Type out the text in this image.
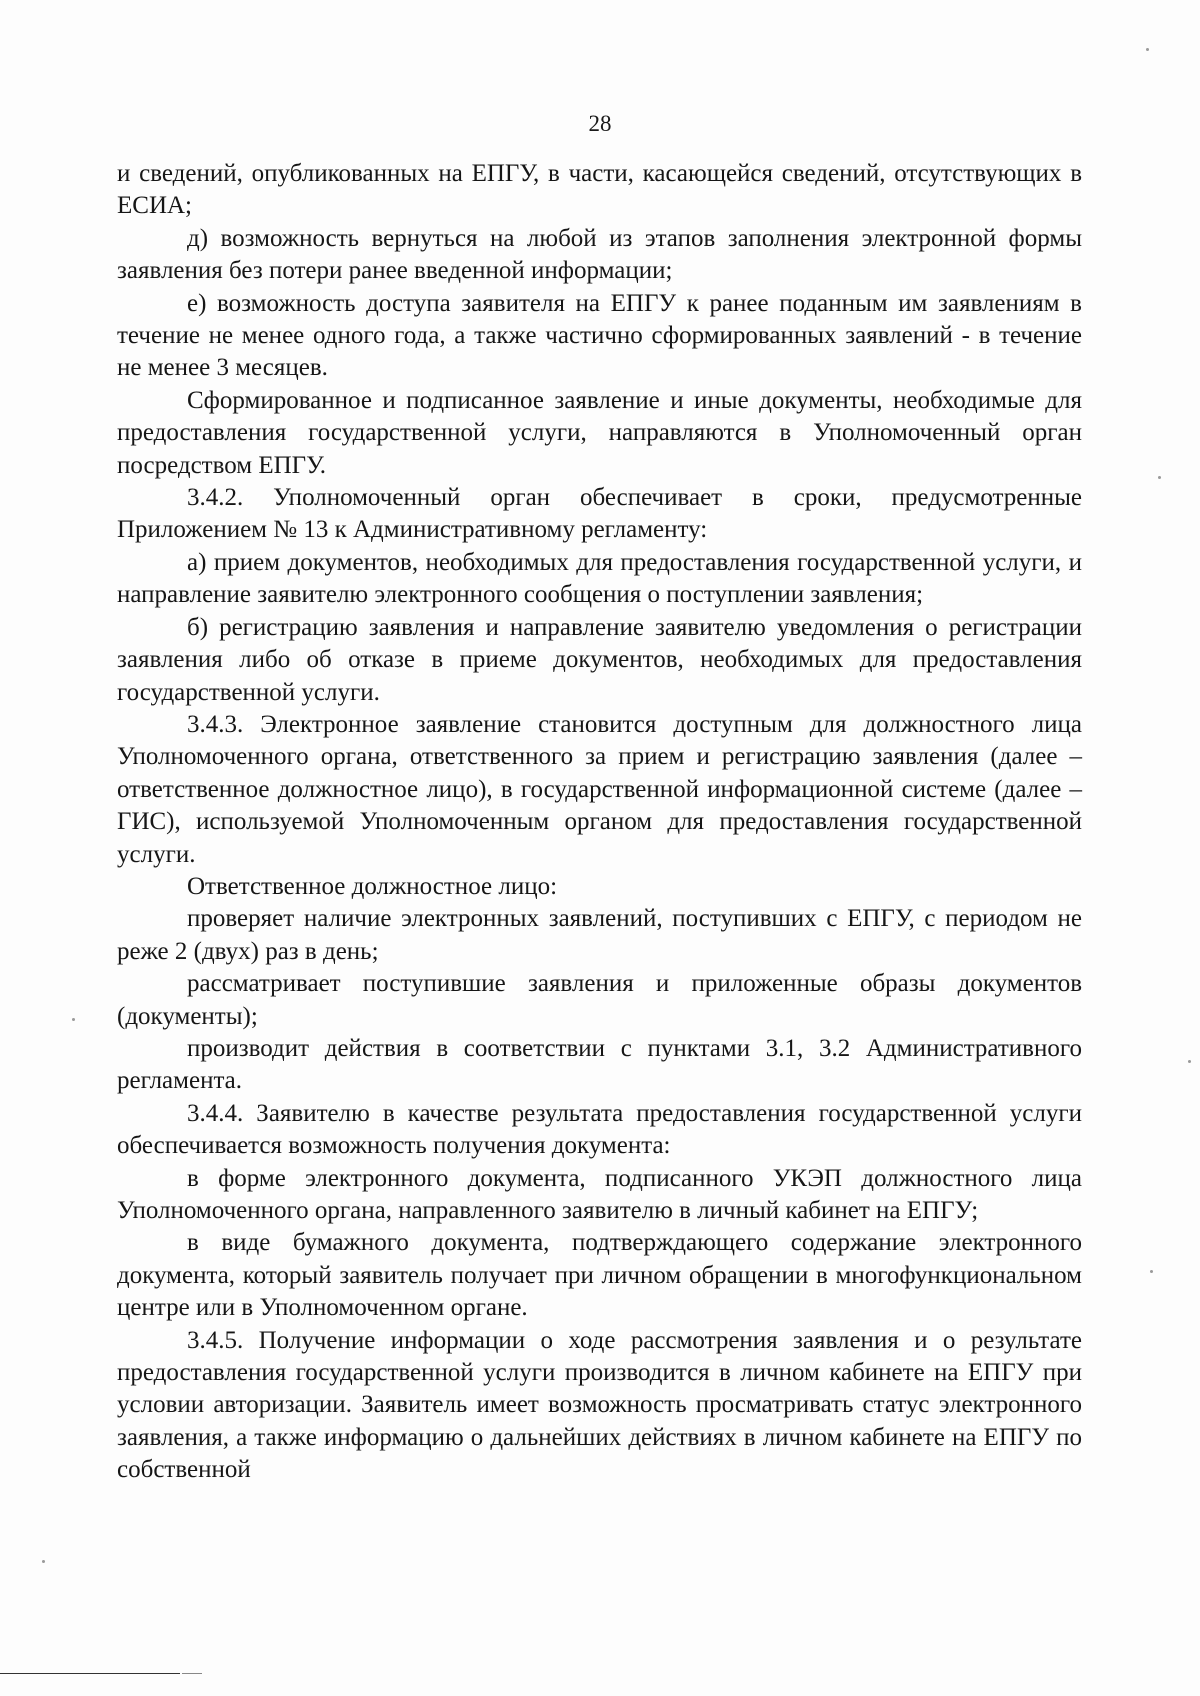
28

и сведений, опубликованных на ЕПГУ, в части, касающейся сведений, отсутствующих в ЕСИА;

д) возможность вернуться на любой из этапов заполнения электронной формы заявления без потери ранее введенной информации;

е) возможность доступа заявителя на ЕПГУ к ранее поданным им заявлениям в течение не менее одного года, а также частично сформированных заявлений - в течение не менее 3 месяцев.

Сформированное и подписанное заявление и иные документы, необходимые для предоставления государственной услуги, направляются в Уполномоченный орган посредством ЕПГУ.

3.4.2. Уполномоченный орган обеспечивает в сроки, предусмотренные Приложением № 13 к Административному регламенту:

а) прием документов, необходимых для предоставления государственной услуги, и направление заявителю электронного сообщения о поступлении заявления;

б) регистрацию заявления и направление заявителю уведомления о регистрации заявления либо об отказе в приеме документов, необходимых для предоставления государственной услуги.

3.4.3. Электронное заявление становится доступным для должностного лица Уполномоченного органа, ответственного за прием и регистрацию заявления (далее – ответственное должностное лицо), в государственной информационной системе (далее – ГИС), используемой Уполномоченным органом для предоставления государственной услуги.

Ответственное должностное лицо:

проверяет наличие электронных заявлений, поступивших с ЕПГУ, с периодом не реже 2 (двух) раз в день;

рассматривает поступившие заявления и приложенные образы документов (документы);

производит действия в соответствии с пунктами 3.1, 3.2 Административного регламента.

3.4.4. Заявителю в качестве результата предоставления государственной услуги обеспечивается возможность получения документа:

в форме электронного документа, подписанного УКЭП должностного лица Уполномоченного органа, направленного заявителю в личный кабинет на ЕПГУ;

в виде бумажного документа, подтверждающего содержание электронного документа, который заявитель получает при личном обращении в многофункциональном центре или в Уполномоченном органе.

3.4.5. Получение информации о ходе рассмотрения заявления и о результате предоставления государственной услуги производится в личном кабинете на ЕПГУ при условии авторизации. Заявитель имеет возможность просматривать статус электронного заявления, а также информацию о дальнейших действиях в личном кабинете на ЕПГУ по собственной
